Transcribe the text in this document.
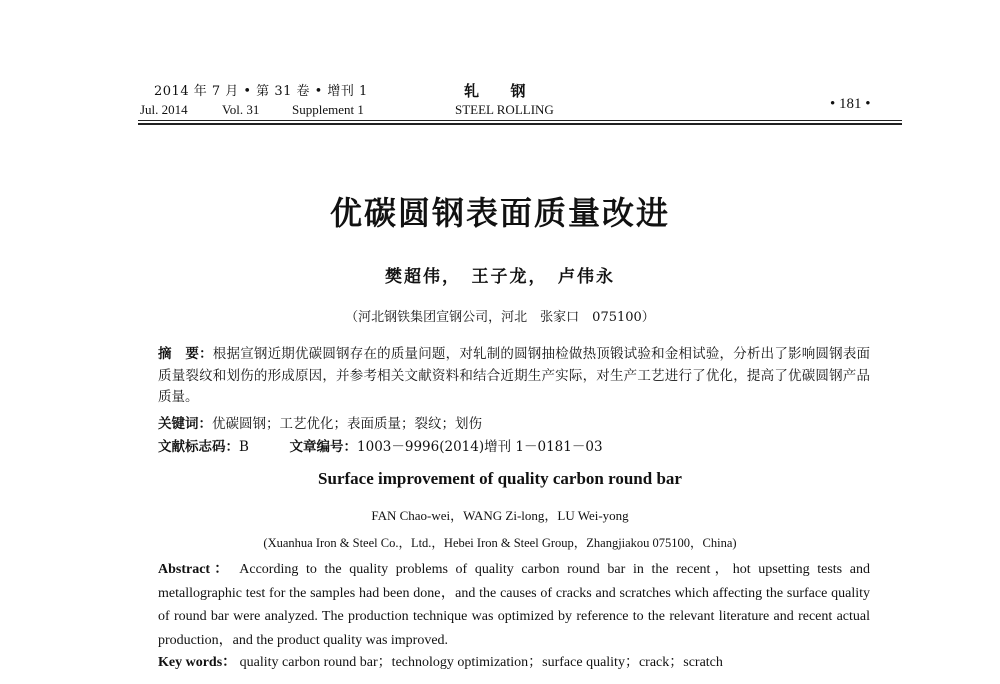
2014 年 7 月 • 第 31 卷 • 增刊 1	轧　　钢
Jul. 2014	Vol. 31	Supplement 1	STEEL ROLLING	• 181 •
优碳圆钢表面质量改进
樊超伟，　王子龙，　卢伟永
（河北钢铁集团宣钢公司，河北　张家口　075100）
摘　要：根据宣钢近期优碳圆钢存在的质量问题，对轧制的圆钢抽检做热顶锻试验和金相试验，分析出了影响圆钢表面质量裂纹和划伤的形成原因，并参考相关文献资料和结合近期生产实际，对生产工艺进行了优化，提高了优碳圆钢产品质量。
关键词：优碳圆钢；工艺优化；表面质量；裂纹；划伤
文献标志码：B	文章编号：1003－9996(2014)增刊 1－0181－03
Surface improvement of quality carbon round bar
FAN Chao-wei，WANG Zi-long，LU Wei-yong
(Xuanhua Iron & Steel Co.，Ltd.，Hebei Iron & Steel Group，Zhangjiakou 075100，China)
Abstract： According to the quality problems of quality carbon round bar in the recent，hot upsetting tests and metallographic test for the samples had been done，and the causes of cracks and scratches which affecting the surface quality of round bar were analyzed. The production technique was optimized by reference to the relevant literature and recent actual production，and the product quality was improved.
Key words： quality carbon round bar；technology optimization；surface quality；crack；scratch
